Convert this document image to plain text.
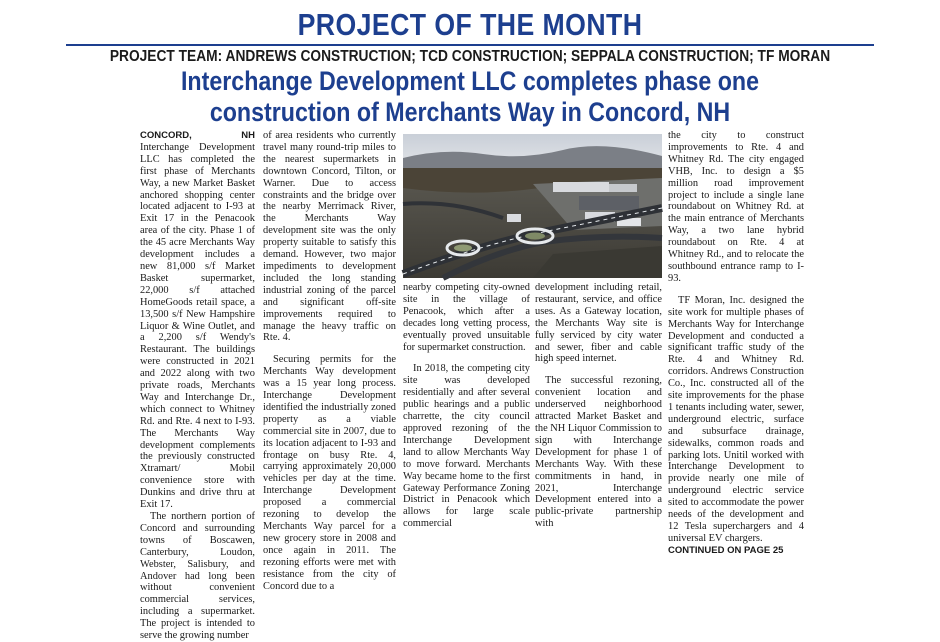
PROJECT OF THE MONTH
PROJECT TEAM: ANDREWS CONSTRUCTION; TCD CONSTRUCTION; SEPPALA CONSTRUCTION; TF MORAN
Interchange Development LLC completes phase one
construction of Merchants Way in Concord, NH

CONCORD, NH Interchange Development LLC has completed the first phase of Merchants Way, a new Market Basket anchored shopping center located adjacent to I-93 at Exit 17 in the Penacook area of the city. Phase 1 of the 45 acre Merchants Way development includes a new 81,000 s/f Market Basket supermarket, 22,000 s/f attached HomeGoods retail space, a 13,500 s/f New Hampshire Liquor & Wine Outlet, and a 2,200 s/f Wendy's Restaurant. The buildings were constructed in 2021 and 2022 along with two private roads, Merchants Way and Interchange Dr., which connect to Whitney Rd. and Rte. 4 next to I-93. The Merchants Way development complements the previously constructed Xtramart/ Mobil convenience store with Dunkins and drive thru at Exit 17.

The northern portion of Concord and surrounding towns of Boscawen, Canterbury, Loudon, Webster, Salisbury, and Andover had long been without convenient commercial services, including a supermarket. The project is intended to serve the growing number

of area residents who currently travel many round-trip miles to the nearest supermarkets in downtown Concord, Tilton, or Warner. Due to access constraints and the bridge over the nearby Merrimack River, the Merchants Way development site was the only property suitable to satisfy this demand. However, two major impediments to development included the long standing industrial zoning of the parcel and significant off-site improvements required to manage the heavy traffic on Rte. 4.

Securing permits for the Merchants Way development was a 15 year long process. Interchange Development identified the industrially zoned property as a viable commercial site in 2007, due to its location adjacent to I-93 and frontage on busy Rte. 4, carrying approximately 20,000 vehicles per day at the time. Interchange Development proposed a commercial rezoning to develop the Merchants Way parcel for a new grocery store in 2008 and once again in 2011. The rezoning efforts were met with resistance from the city of Concord due to a

nearby competing city-owned site in the village of Penacook, which after a decades long vetting process, eventually proved unsuitable for supermarket construction.

In 2018, the competing city site was developed residentially and after several public hearings and a public charrette, the city council approved rezoning of the Interchange Development land to allow Merchants Way to move forward. Merchants Way became home to the first Gateway Performance Zoning District in Penacook which allows for large scale commercial

development including retail, restaurant, service, and office uses. As a Gateway location, the Merchants Way site is fully serviced by city water and sewer, fiber and cable high speed internet.

The successful rezoning, convenient location and underserved neighborhood attracted Market Basket and the NH Liquor Commission to sign with Interchange Development for phase 1 of Merchants Way. With these commitments in hand, in 2021, Interchange Development entered into a public-private partnership with

the city to construct improvements to Rte. 4 and Whitney Rd. The city engaged VHB, Inc. to design a $5 million road improvement project to include a single lane roundabout on Whitney Rd. at the main entrance of Merchants Way, a two lane hybrid roundabout on Rte. 4 at Whitney Rd., and to relocate the southbound entrance ramp to I-93.

TF Moran, Inc. designed the site work for multiple phases of Merchants Way for Interchange Development and conducted a significant traffic study of the Rte. 4 and Whitney Rd. corridors. Andrews Construction Co., Inc. constructed all of the site improvements for the phase 1 tenants including water, sewer, underground electric, surface and subsurface drainage, sidewalks, common roads and parking lots. Unitil worked with Interchange Development to provide nearly one mile of underground electric service sited to accommodate the power needs of the development and 12 Tesla superchargers and 4 universal EV chargers.

CONTINUED ON PAGE 25
